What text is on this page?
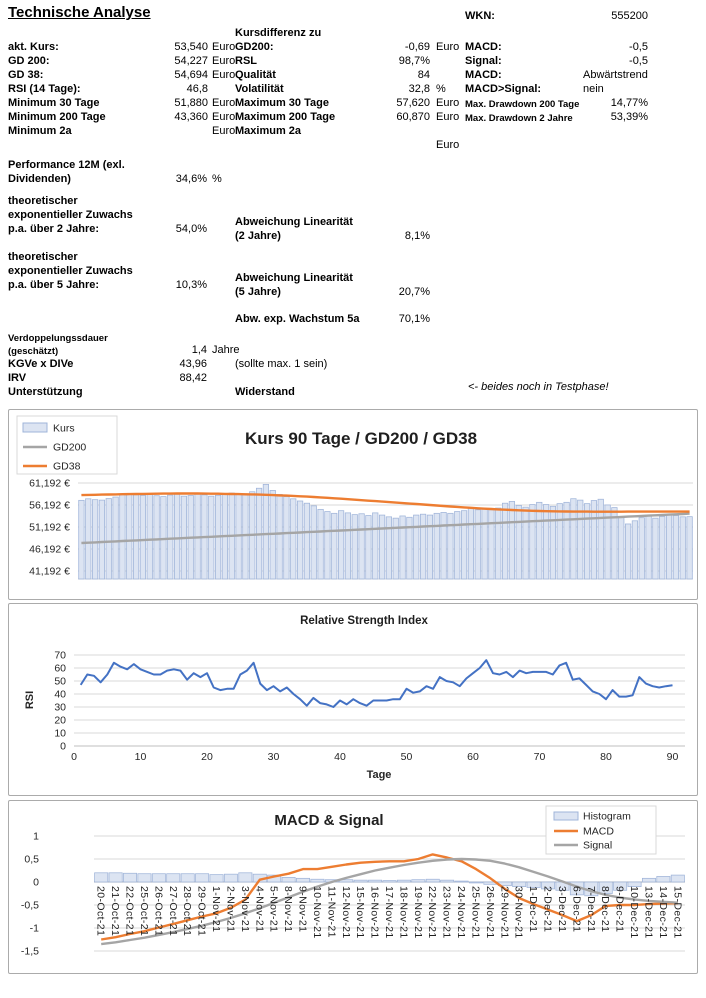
Technische Analyse	WKN:	555200
Kursdifferenz zu
akt. Kurs:	53,540 Euro GD200:	-0,69 Euro MACD:	-0,5
GD 200:	54,227 Euro RSL	98,7%	Signal:	-0,5
GD 38:	54,694 Euro Qualität	84	MACD:	Abwärtstrend
RSI (14 Tage):	46,8 Volatilität	32,8 %	MACD>Signal:	nein
Minimum 30 Tage	51,880 Euro Maximum 30 Tage	57,620 Euro Max. Drawdown 200 Tage	14,77%
Minimum 200 Tage	43,360 Euro Maximum 200 Tage	60,870 Euro Max. Drawdown 2 Jahre	53,39%
Minimum 2a	Euro Maximum 2a
Euro
Performance 12M (exl.
Dividenden)	34,6% %
theoretischer
exponentieller Zuwachs
p.a. über 2 Jahre:	54,0%
Abweichung Linearität
(2 Jahre)	8,1%
theoretischer
exponentieller Zuwachs
p.a. über 5 Jahre:	10,3%
Abweichung Linearität
(5 Jahre)	20,7%
Abw. exp. Wachstum 5a	70,1%
Verdoppelungssdauer
(geschätzt)	1,4 Jahre
KGVe x DIVe	43,96	(sollte max. 1 sein)
IRV	88,42
Unterstützung	Widerstand	<- beides noch in Testphase!
61,192 €
56,192 €
51,192 €
46,192 €
41,192 €
Kurs 90 Tage / GD200 / GD38
Kurs
GD200
GD38
0
10
20
30
40
50
60
70
0	10	20	30	40	50	60	70	80	90
Relative Strength Index
Tage
RSI
1
0,5
0
-0,5
-1
-1,5
20-Oct-21 21-Oct-21 22-Oct-21 25-Oct-21 26-Oct-21 27-Oct-21 28-Oct-21 29-Oct-21 1-Nov-21 2-Nov-21 3-Nov-21 4-Nov-21 5-Nov-21 8-Nov-21 9-Nov-21 10-Nov-21 11-Nov-21 12-Nov-21 15-Nov-21 16-Nov-21 17-Nov-21 18-Nov-21 19-Nov-21 22-Nov-21 23-Nov-21 24-Nov-21 25-Nov-21 26-Nov-21 29-Nov-21 30-Nov-21 1-Dec-21 2-Dec-21 3-Dec-21 6-Dec-21 7-Dec-21 8-Dec-21 9-Dec-21 10-Dec-21 13-Dec-21 14-Dec-21 15-Dec-21
MACD & Signal	Histogram
MACD
Signal
